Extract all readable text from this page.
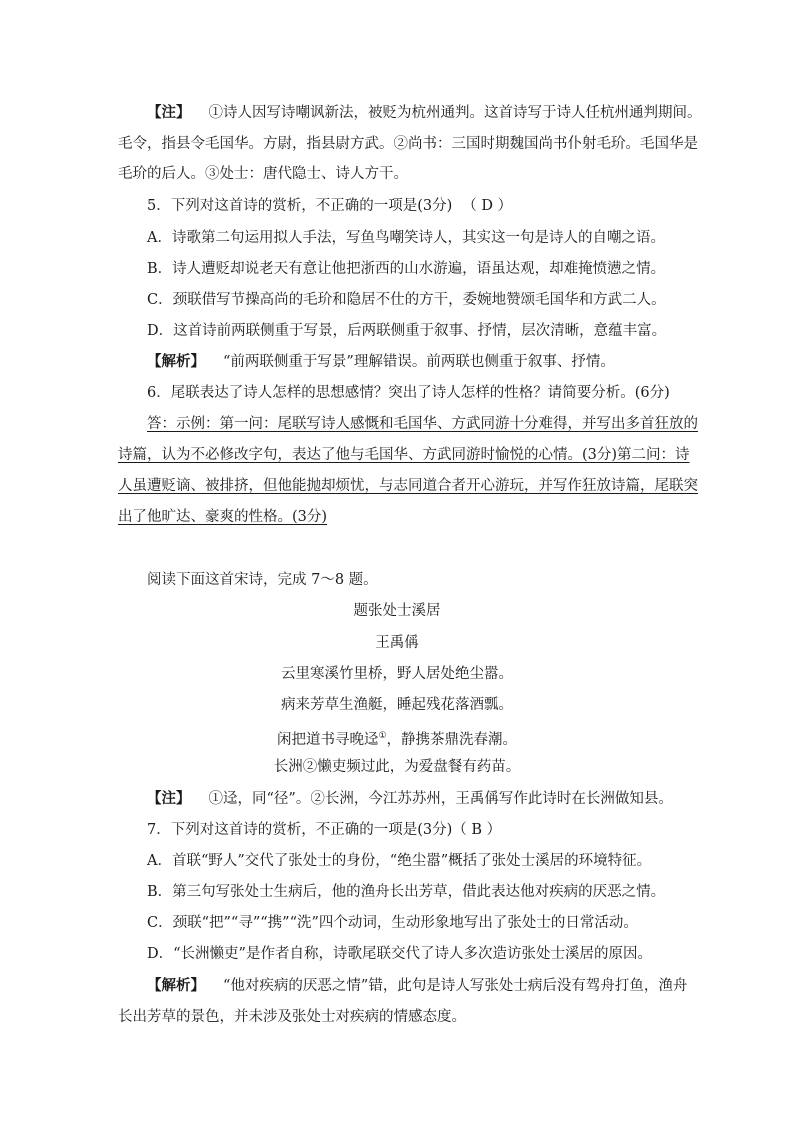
【注】 ①诗人因写诗嘲讽新法，被贬为杭州通判。这首诗写于诗人任杭州通判期间。
毛令，指县令毛国华。方尉，指县尉方武。②尚书：三国时期魏国尚书仆射毛玠。毛国华是
毛玠的后人。③处士：唐代隐士、诗人方干。
5．下列对这首诗的赏析，不正确的一项是(3分) （ D ）
A．诗歌第二句运用拟人手法，写鱼鸟嘲笑诗人，其实这一句是诗人的自嘲之语。
B．诗人遭贬却说老天有意让他把浙西的山水游遍，语虽达观，却难掩愤懑之情。
C．颈联借写节操高尚的毛玠和隐居不仕的方干，委婉地赞颂毛国华和方武二人。
D．这首诗前两联侧重于写景，后两联侧重于叙事、抒情，层次清晰，意蕴丰富。
【解析】 “前两联侧重于写景”理解错误。前两联也侧重于叙事、抒情。
6．尾联表达了诗人怎样的思想感情？突出了诗人怎样的性格？请简要分析。(6分)
答：示例：第一问：尾联写诗人感慨和毛国华、方武同游十分难得，并写出多首狂放的
诗篇，认为不必修改字句，表达了他与毛国华、方武同游时愉悦的心情。(3分)第二问：诗
人虽遭贬谪、被排挤，但他能抛却烦忧，与志同道合者开心游玩，并写作狂放诗篇，尾联突
出了他旷达、豪爽的性格。(3分)
阅读下面这首宋诗，完成 7～8 题。
题张处士溪居
王禹偁
云里寒溪竹里桥，野人居处绝尘嚣。
病来芳草生渔艇，睡起残花落酒瓢。
闲把道书寻晚迳①，静携茶鼎洗春潮。
长洲②懒吏频过此，为爱盘餐有药苗。
【注】 ①迳，同“径”。②长洲，今江苏苏州，王禹偁写作此诗时在长洲做知县。
7．下列对这首诗的赏析，不正确的一项是(3分)（ B ）
A．首联“野人”交代了张处士的身份，“绝尘嚣”概括了张处士溪居的环境特征。
B．第三句写张处士生病后，他的渔舟长出芳草，借此表达他对疾病的厌恶之情。
C．颈联“把”“寻”“携”“洗”四个动词，生动形象地写出了张处士的日常活动。
D．“长洲懒吏”是作者自称，诗歌尾联交代了诗人多次造访张处士溪居的原因。
【解析】 “他对疾病的厌恶之情”错，此句是诗人写张处士病后没有驾舟打鱼，渔舟
长出芳草的景色，并未涉及张处士对疾病的情感态度。
